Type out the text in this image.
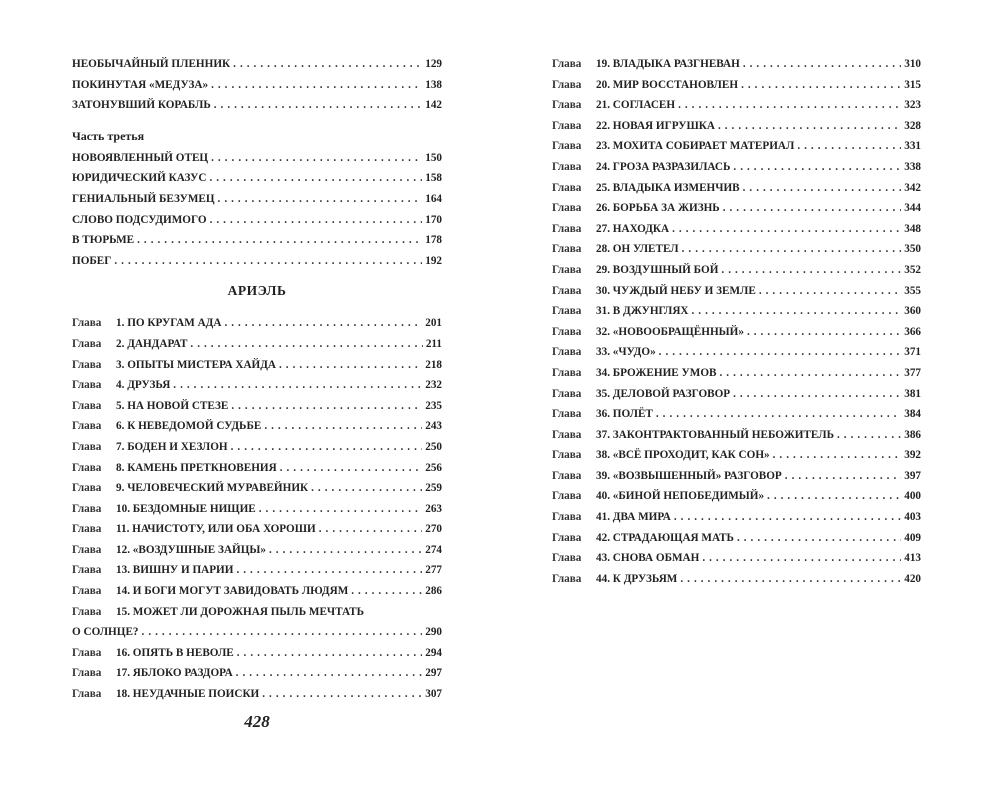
НЕОБЫЧАЙНЫЙ ПЛЕННИК . . .	129
ПОКИНУТАЯ «МЕДУЗА» . . .	138
ЗАТОНУВШИЙ КОРАБЛЬ . . .	142
Часть третья
НОВОЯВЛЕННЫЙ ОТЕЦ . . .	150
ЮРИДИЧЕСКИЙ КАЗУС . . .	158
ГЕНИАЛЬНЫЙ БЕЗУМЕЦ . . .	164
СЛОВО ПОДСУДИМОГО . . .	170
В ТЮРЬМЕ . . .	178
ПОБЕГ . . .	192
АРИЭЛЬ
Глава 1. ПО КРУГАМ АДА . . .	201
Глава 2. ДАНДАРАТ . . .	211
Глава 3. ОПЫТЫ МИСТЕРА ХАЙДА . . .	218
Глава 4. ДРУЗЬЯ . . .	232
Глава 5. НА НОВОЙ СТЕЗЕ . . .	235
Глава 6. К НЕВЕДОМОЙ СУДЬБЕ . . .	243
Глава 7. БОДЕН И ХЕЗЛОН . . .	250
Глава 8. КАМЕНЬ ПРЕТКНОВЕНИЯ . . .	256
Глава 9. ЧЕЛОВЕЧЕСКИЙ МУРАВЕЙНИК . . .	259
Глава 10. БЕЗДОМНЫЕ НИЩИЕ . . .	263
Глава 11. НАЧИСТОТУ, ИЛИ ОБА ХОРОШИ . . .	270
Глава 12. «ВОЗДУШНЫЕ ЗАЙЦЫ» . . .	274
Глава 13. ВИШНУ И ПАРИИ . . .	277
Глава 14. И БОГИ МОГУТ ЗАВИДОВАТЬ ЛЮДЯМ . . .	286
Глава 15. МОЖЕТ ЛИ ДОРОЖНАЯ ПЫЛЬ МЕЧТАТЬ
О СОЛНЦЕ? . . .	290
Глава 16. ОПЯТЬ В НЕВОЛЕ . . .	294
Глава 17. ЯБЛОКО РАЗДОРА . . .	297
Глава 18. НЕУДАЧНЫЕ ПОИСКИ . . .	307
Глава 19. ВЛАДЫКА РАЗГНЕВАН . . .	310
Глава 20. МИР ВОССТАНОВЛЕН . . .	315
Глава 21. СОГЛАСЕН . . .	323
Глава 22. НОВАЯ ИГРУШКА . . .	328
Глава 23. МОХИТА СОБИРАЕТ МАТЕРИАЛ . . .	331
Глава 24. ГРОЗА РАЗРАЗИЛАСЬ . . .	338
Глава 25. ВЛАДЫКА ИЗМЕНЧИВ . . .	342
Глава 26. БОРЬБА ЗА ЖИЗНЬ . . .	344
Глава 27. НАХОДКА . . .	348
Глава 28. ОН УЛЕТЕЛ . . .	350
Глава 29. ВОЗДУШНЫЙ БОЙ . . .	352
Глава 30. ЧУЖДЫЙ НЕБУ И ЗЕМЛЕ . . .	355
Глава 31. В ДЖУНГЛЯХ . . .	360
Глава 32. «НОВООБРАЩЁННЫЙ» . . .	366
Глава 33. «ЧУДО» . . .	371
Глава 34. БРОЖЕНИЕ УМОВ . . .	377
Глава 35. ДЕЛОВОЙ РАЗГОВОР . . .	381
Глава 36. ПОЛЁТ . . .	384
Глава 37. ЗАКОНТРАКТОВАННЫЙ НЕБОЖИТЕЛЬ . . .	386
Глава 38. «ВСЁ ПРОХОДИТ, КАК СОН» . . .	392
Глава 39. «ВОЗВЫШЕННЫЙ» РАЗГОВОР . . .	397
Глава 40. «БИНОЙ НЕПОБЕДИМЫЙ» . . .	400
Глава 41. ДВА МИРА . . .	403
Глава 42. СТРАДАЮЩАЯ МАТЬ . . .	409
Глава 43. СНОВА ОБМАН . . .	413
Глава 44. К ДРУЗЬЯМ . . .	420
428
